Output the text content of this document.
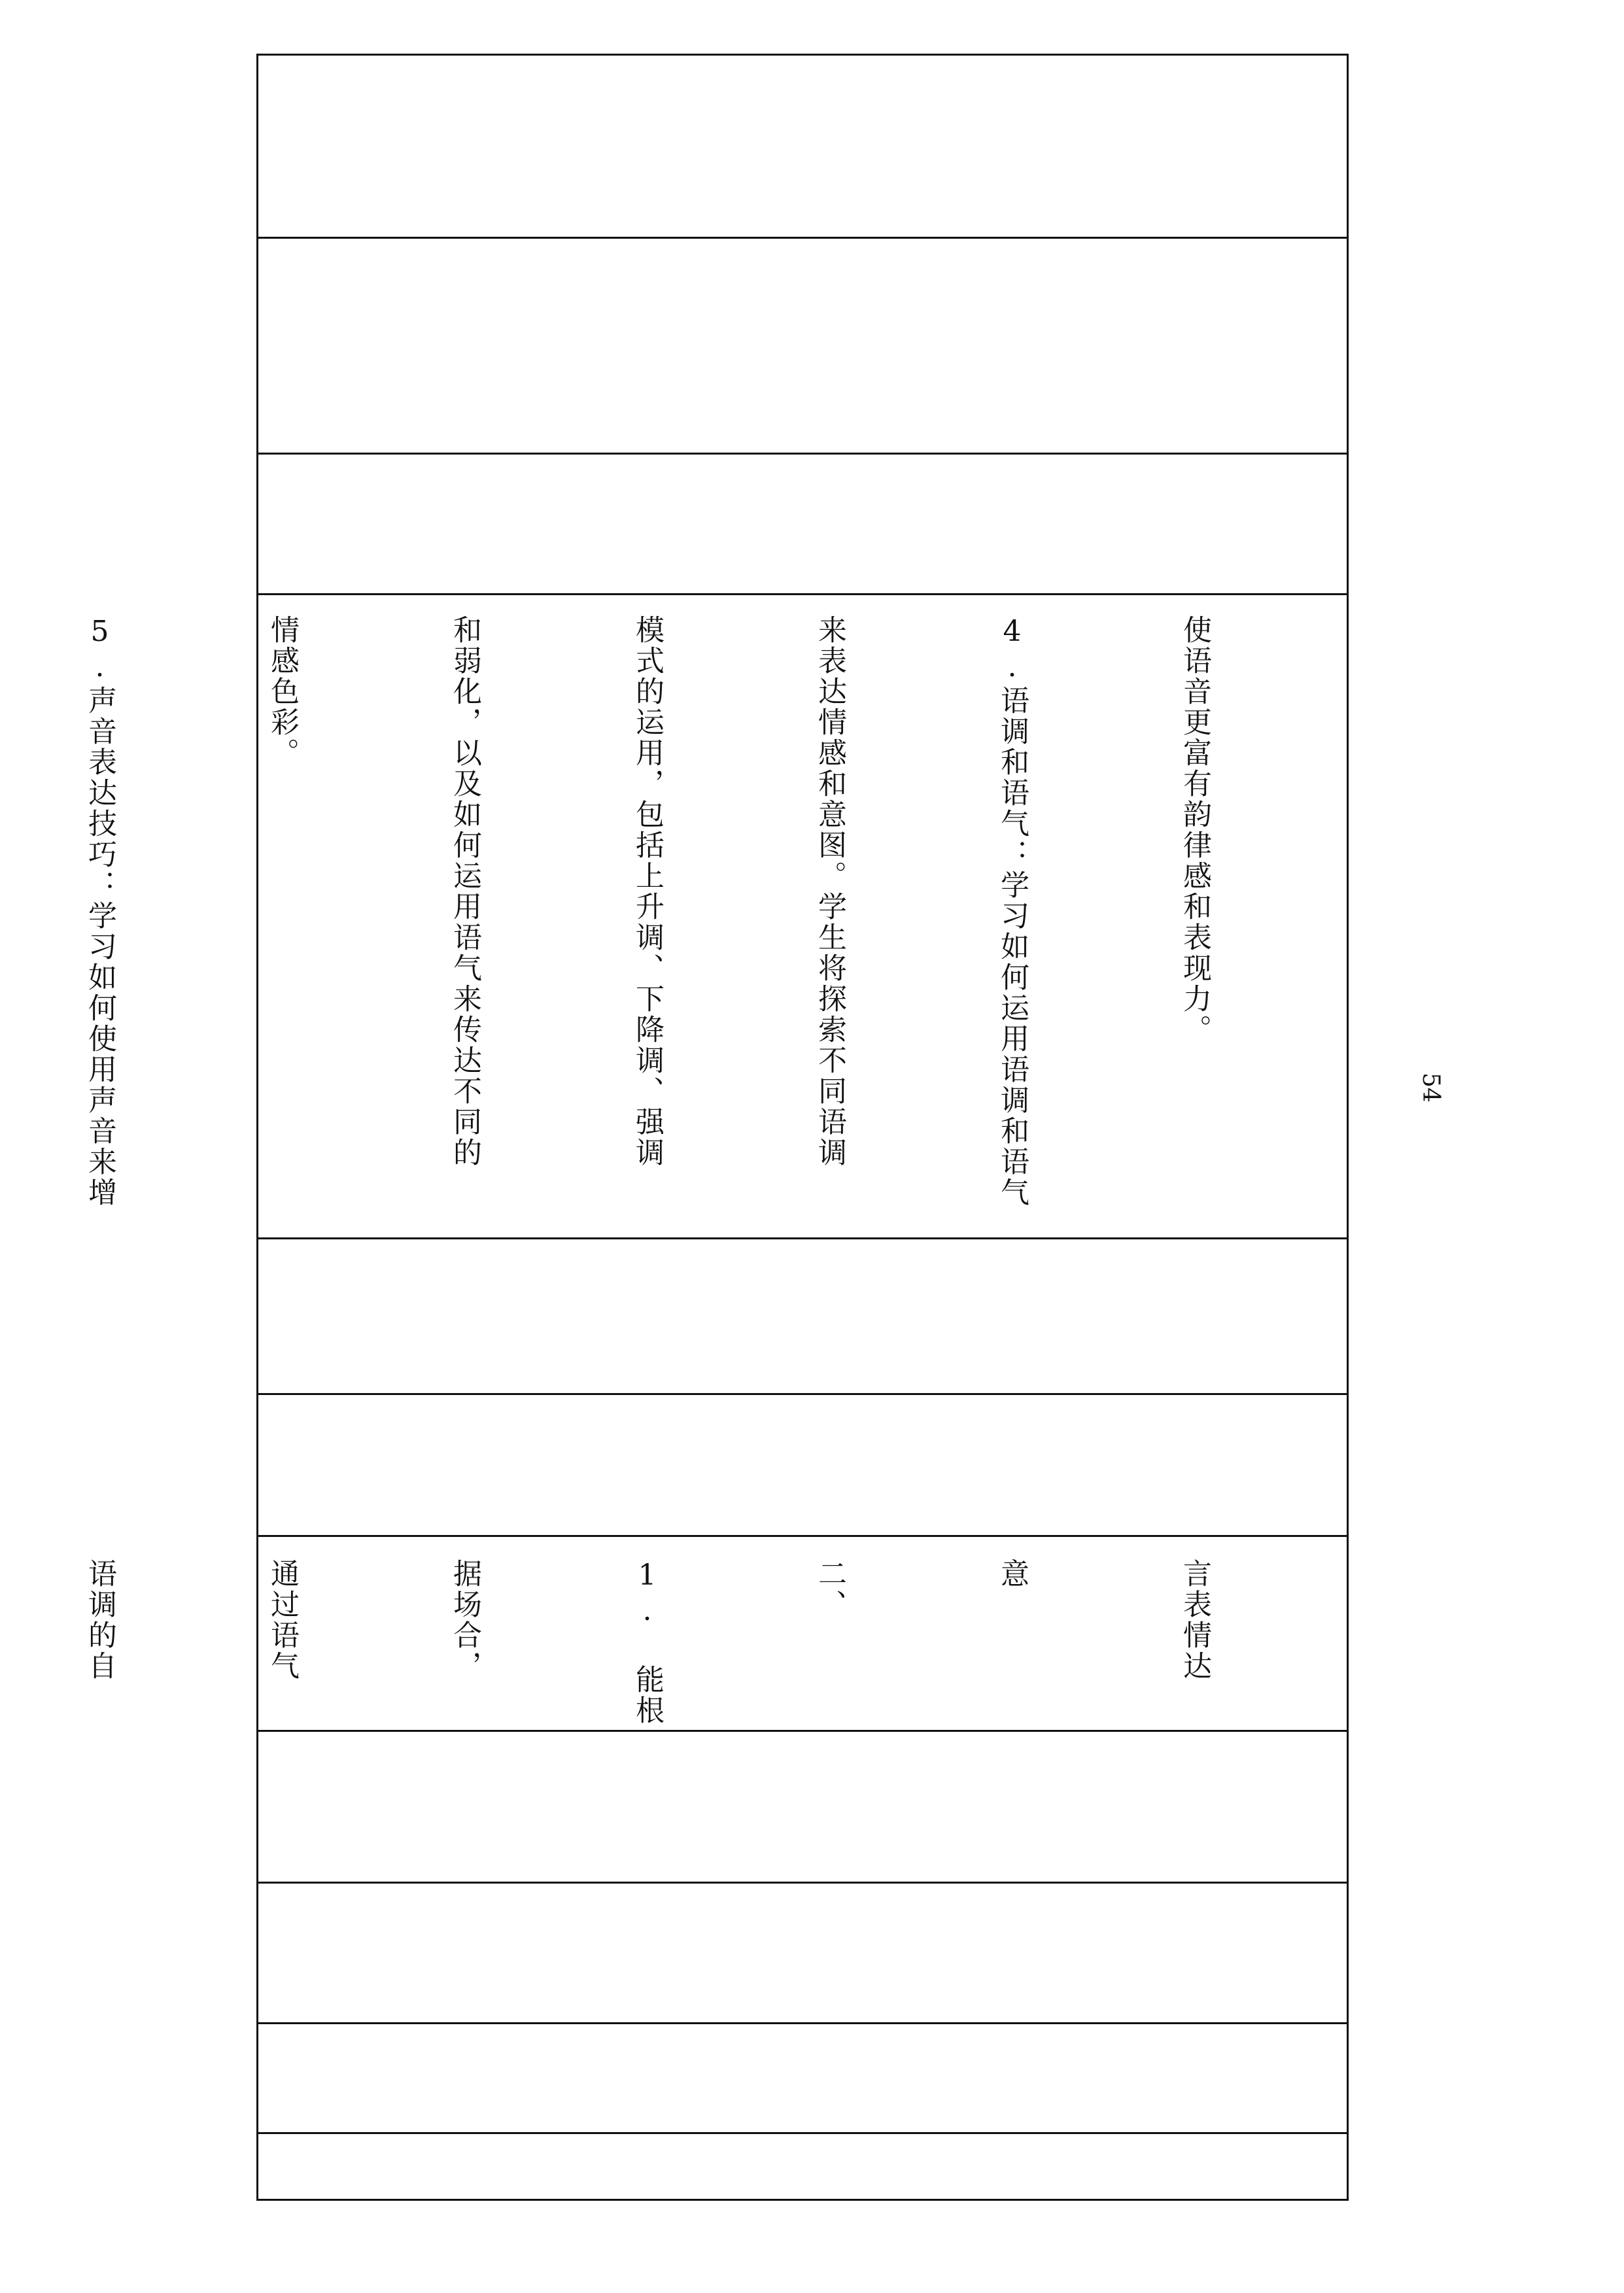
使语音更富有韵律感和表现力。

4.语调和语气：学习如何运用语调和语气

来表达情感和意图。学生将探索不同语调

模式的运用，包括上升调、下降调、强调

和弱化，以及如何运用语气来传达不同的

情感色彩。

5.声音表达技巧：学习如何使用声音来增

言表情达

意

二、

1. 能根

据场合，

通过语气

语调的自

54
